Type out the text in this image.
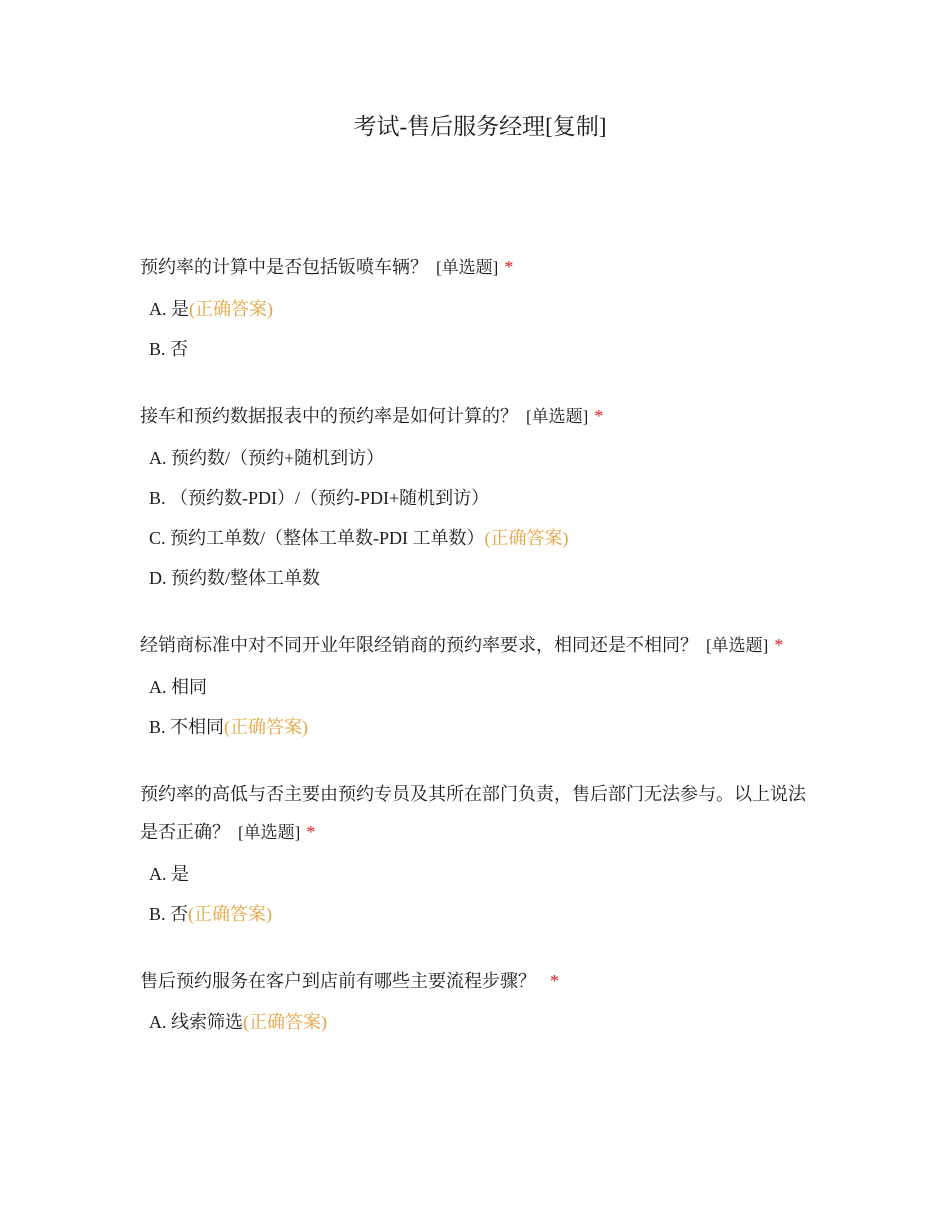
考试-售后服务经理[复制]

预约率的计算中是否包括钣喷车辆？ [单选题] *

A. 是(正确答案)
B. 否

接车和预约数据报表中的预约率是如何计算的？ [单选题] *

A. 预约数/（预约+随机到访）
B. （预约数-PDI）/（预约-PDI+随机到访）
C. 预约工单数/（整体工单数-PDI 工单数）(正确答案)
D. 预约数/整体工单数

经销商标准中对不同开业年限经销商的预约率要求，相同还是不相同？ [单选题] *

A. 相同
B. 不相同(正确答案)

预约率的高低与否主要由预约专员及其所在部门负责，售后部门无法参与。以上说法是否正确？ [单选题] *

A. 是
B. 否(正确答案)

售后预约服务在客户到店前有哪些主要流程步骤？ *

A. 线索筛选(正确答案)
